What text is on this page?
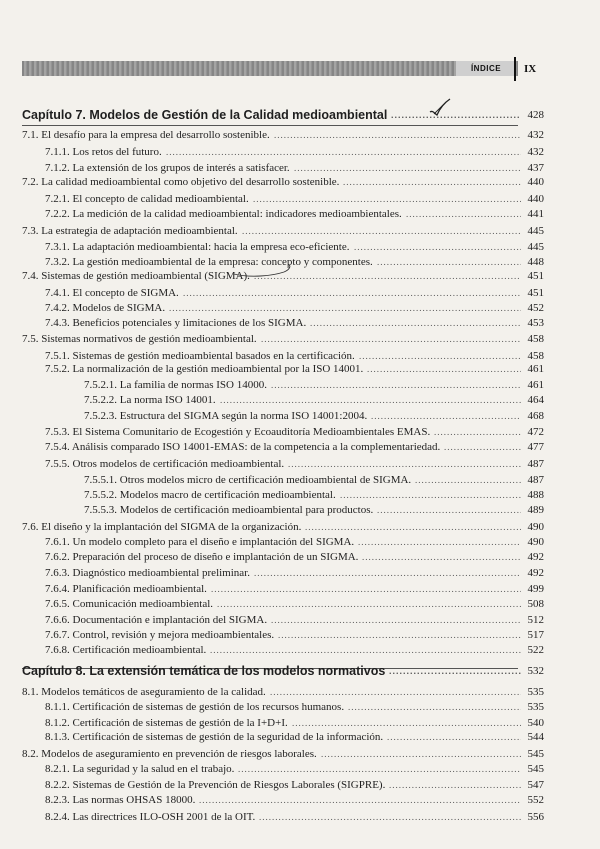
ÍNDICE	IX
Capítulo 7. Modelos de Gestión de la Calidad medioambiental .....	428
7.1. El desafío para la empresa del desarrollo sostenible. .....	432
7.1.1. Los retos del futuro. .....	432
7.1.2. La extensión de los grupos de interés a satisfacer. .....	437
7.2. La calidad medioambiental como objetivo del desarrollo sostenible. .....	440
7.2.1. El concepto de calidad medioambiental. .....	440
7.2.2. La medición de la calidad medioambiental: indicadores medioambientales. .....	441
7.3. La estrategia de adaptación medioambiental. .....	445
7.3.1. La adaptación medioambiental: hacia la empresa eco-eficiente. .....	445
7.3.2. La gestión medioambiental de la empresa: concepto y componentes. .....	448
7.4. Sistemas de gestión medioambiental (SIGMA). .....	451
7.4.1. El concepto de SIGMA. .....	451
7.4.2. Modelos de SIGMA. .....	452
7.4.3. Beneficios potenciales y limitaciones de los SIGMA. .....	453
7.5. Sistemas normativos de gestión medioambiental. .....	458
7.5.1. Sistemas de gestión medioambiental basados en la certificación. .....	458
7.5.2. La normalización de la gestión medioambiental por la ISO 14001. .....	461
7.5.2.1. La familia de normas ISO 14000. .....	461
7.5.2.2. La norma ISO 14001. .....	464
7.5.2.3. Estructura del SIGMA según la norma ISO 14001:2004. .....	468
7.5.3. El Sistema Comunitario de Ecogestión y Ecoauditoría Medioambientales EMAS. .....	472
7.5.4. Análisis comparado ISO 14001-EMAS: de la competencia a la complementariedad. .....	477
7.5.5. Otros modelos de certificación medioambiental. .....	487
7.5.5.1. Otros modelos micro de certificación medioambiental de SIGMA. .....	487
7.5.5.2. Modelos macro de certificación medioambiental. .....	488
7.5.5.3. Modelos de certificación medioambiental para productos. .....	489
7.6. El diseño y la implantación del SIGMA de la organización. .....	490
7.6.1. Un modelo completo para el diseño e implantación del SIGMA. .....	490
7.6.2. Preparación del proceso de diseño e implantación de un SIGMA. .....	492
7.6.3. Diagnóstico medioambiental preliminar. .....	492
7.6.4. Planificación medioambiental. .....	499
7.6.5. Comunicación medioambiental. .....	508
7.6.6. Documentación e implantación del SIGMA. .....	512
7.6.7. Control, revisión y mejora medioambientales. .....	517
7.6.8. Certificación medioambiental. .....	522
Capítulo 8. La extensión temática de los modelos normativos .....	532
8.1. Modelos temáticos de aseguramiento de la calidad. .....	535
8.1.1. Certificación de sistemas de gestión de los recursos humanos. .....	535
8.1.2. Certificación de sistemas de gestión de la I+D+I. .....	540
8.1.3. Certificación de sistemas de gestión de la seguridad de la información. .....	544
8.2. Modelos de aseguramiento en prevención de riesgos laborales. .....	545
8.2.1. La seguridad y la salud en el trabajo. .....	545
8.2.2. Sistemas de Gestión de la Prevención de Riesgos Laborales (SIGPRE). .....	547
8.2.3. Las normas OHSAS 18000. .....	552
8.2.4. Las directrices ILO-OSH 2001 de la OIT. .....	556
